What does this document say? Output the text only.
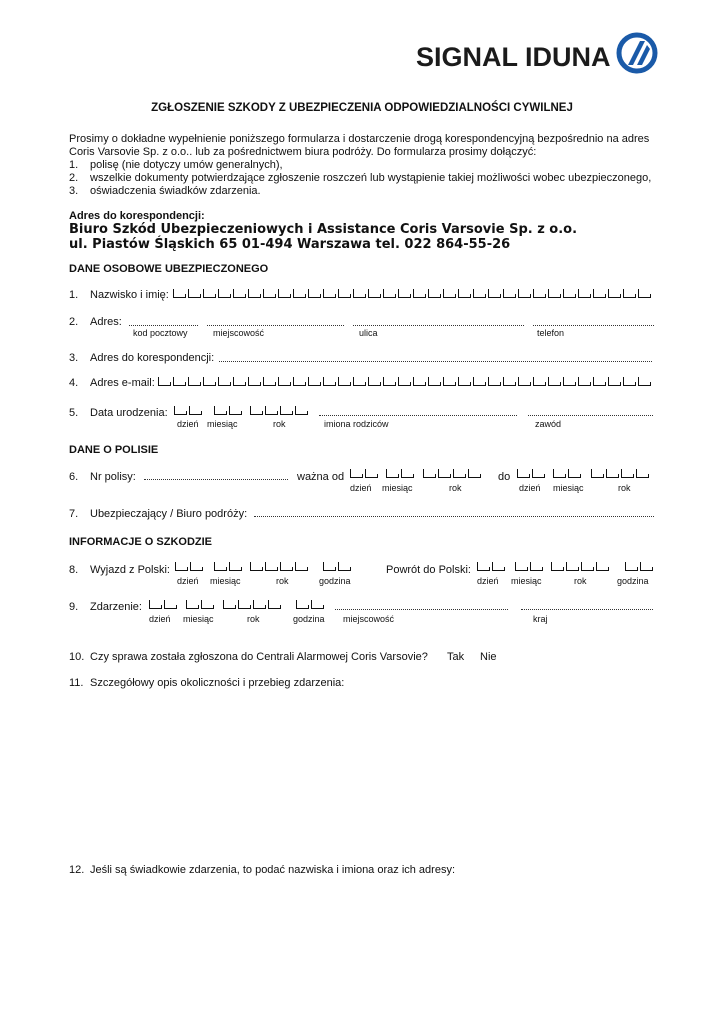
SIGNAL IDUNA
ZGŁOSZENIE SZKODY Z UBEZPIECZENIA ODPOWIEDZIALNOŚCI CYWILNEJ

Prosimy o dokładne wypełnienie poniższego formularza i dostarczenie drogą korespondencyjną bezpośrednio na adres

Coris Varsovie Sp. z o.o.. lub za pośrednictwem biura podróży. Do formularza prosimy dołączyć:

1. polisę (nie dotyczy umów generalnych),
2. wszelkie dokumenty potwierdzające zgłoszenie roszczeń lub wystąpienie takiej możliwości wobec ubezpieczonego,
3. oświadczenia świadków zdarzenia.
Adres do korespondencji:
Biuro Szkód Ubezpieczeniowych i Assistance Coris Varsovie Sp. z o.o.
ul. Piastów Śląskich 65 01-494 Warszawa tel. 022 864-55-26
DANE OSOBOWE UBEZPIECZONEGO
1. Nazwisko i imię:
2. Adres:
kod pocztowy	miejscowość	ulica	telefon
3. Adres do korespondencji:
4. Adres e-mail:
5. Data urodzenia:
dzień miesiąc	rok	imiona rodziców	zawód
DANE O POLISIE
6. Nr polisy:	ważna od	do
dzień miesiąc	rok	dzień miesiąc	rok
7. Ubezpieczający / Biuro podróży:
INFORMACJE O SZKODZIE
8. Wyjazd z Polski:	Powrót do Polski:
dzień miesiąc	rok	godzina	dzień miesiąc	rok	godzina
9. Zdarzenie:
dzień miesiąc	rok	godzina miejscowość	kraj
10. Czy sprawa została zgłoszona do Centrali Alarmowej Coris Varsovie? Tak Nie
11. Szczegółowy opis okoliczności i przebieg zdarzenia:
12. Jeśli są świadkowie zdarzenia, to podać nazwiska i imiona oraz ich adresy:
